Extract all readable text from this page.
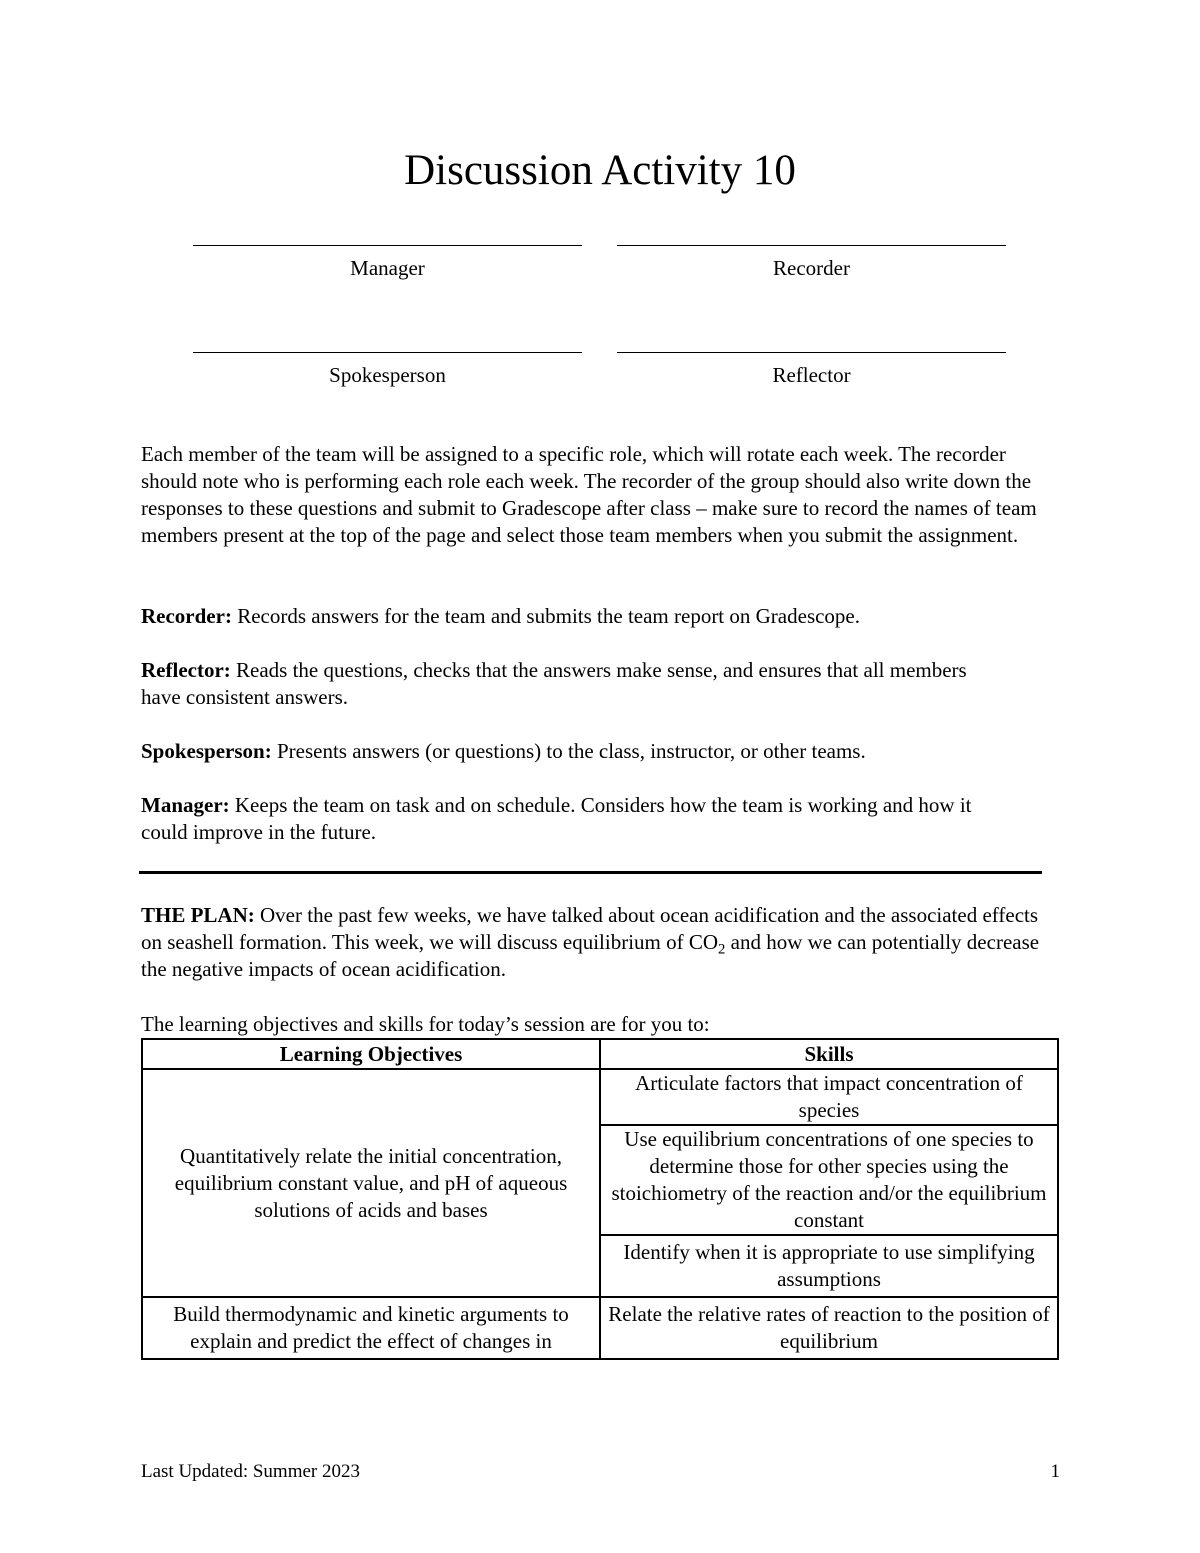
Discussion Activity 10
Manager	Recorder
Spokesperson	Reflector
Each member of the team will be assigned to a specific role, which will rotate each week. The recorder should note who is performing each role each week. The recorder of the group should also write down the responses to these questions and submit to Gradescope after class – make sure to record the names of team members present at the top of the page and select those team members when you submit the assignment.
Recorder: Records answers for the team and submits the team report on Gradescope.
Reflector: Reads the questions, checks that the answers make sense, and ensures that all members have consistent answers.
Spokesperson: Presents answers (or questions) to the class, instructor, or other teams.
Manager: Keeps the team on task and on schedule. Considers how the team is working and how it could improve in the future.
THE PLAN: Over the past few weeks, we have talked about ocean acidification and the associated effects on seashell formation. This week, we will discuss equilibrium of $CO_2$ and how we can potentially decrease the negative impacts of ocean acidification.
The learning objectives and skills for today’s session are for you to:
Learning Objectives	Skills
Quantitatively relate the initial concentration, equilibrium constant value, and pH of aqueous solutions of acids and bases	Articulate factors that impact concentration of species
	Use equilibrium concentrations of one species to determine those for other species using the stoichiometry of the reaction and/or the equilibrium constant
	Identify when it is appropriate to use simplifying assumptions
Build thermodynamic and kinetic arguments to explain and predict the effect of changes in	Relate the relative rates of reaction to the position of equilibrium
Last Updated: Summer 2023	1
